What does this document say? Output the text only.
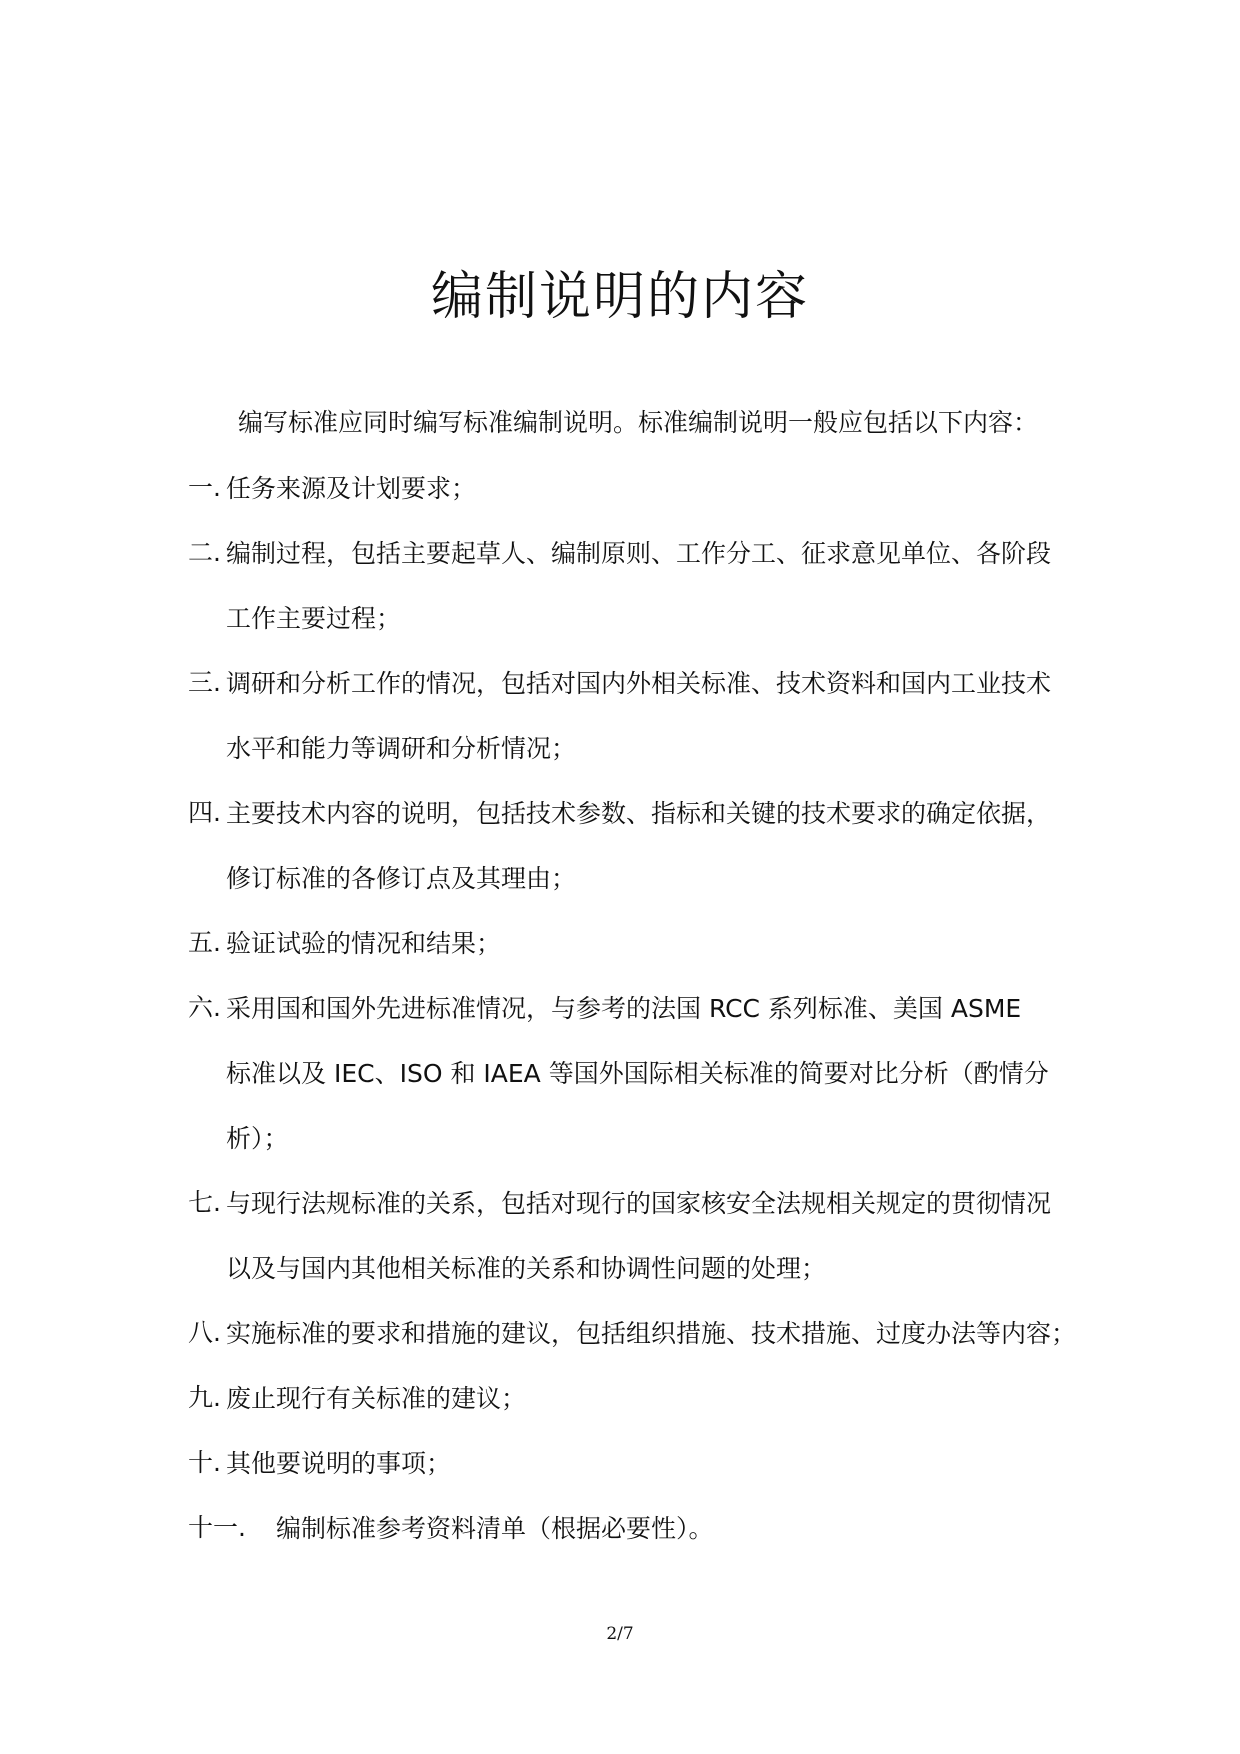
编制说明的内容
编写标准应同时编写标准编制说明。标准编制说明一般应包括以下内容：
一. 任务来源及计划要求；
二. 编制过程，包括主要起草人、编制原则、工作分工、征求意见单位、各阶段工作主要过程；
三. 调研和分析工作的情况，包括对国内外相关标准、技术资料和国内工业技术水平和能力等调研和分析情况；
四. 主要技术内容的说明，包括技术参数、指标和关键的技术要求的确定依据，修订标准的各修订点及其理由；
五. 验证试验的情况和结果；
六. 采用国和国外先进标准情况，与参考的法国 RCC 系列标准、美国 ASME 标准以及 IEC、ISO 和 IAEA 等国外国际相关标准的简要对比分析（酌情分析）；
七. 与现行法规标准的关系，包括对现行的国家核安全法规相关规定的贯彻情况以及与国内其他相关标准的关系和协调性问题的处理；
八. 实施标准的要求和措施的建议，包括组织措施、技术措施、过度办法等内容；
九. 废止现行有关标准的建议；
十. 其他要说明的事项；
十一. 编制标准参考资料清单（根据必要性）。
2/7
